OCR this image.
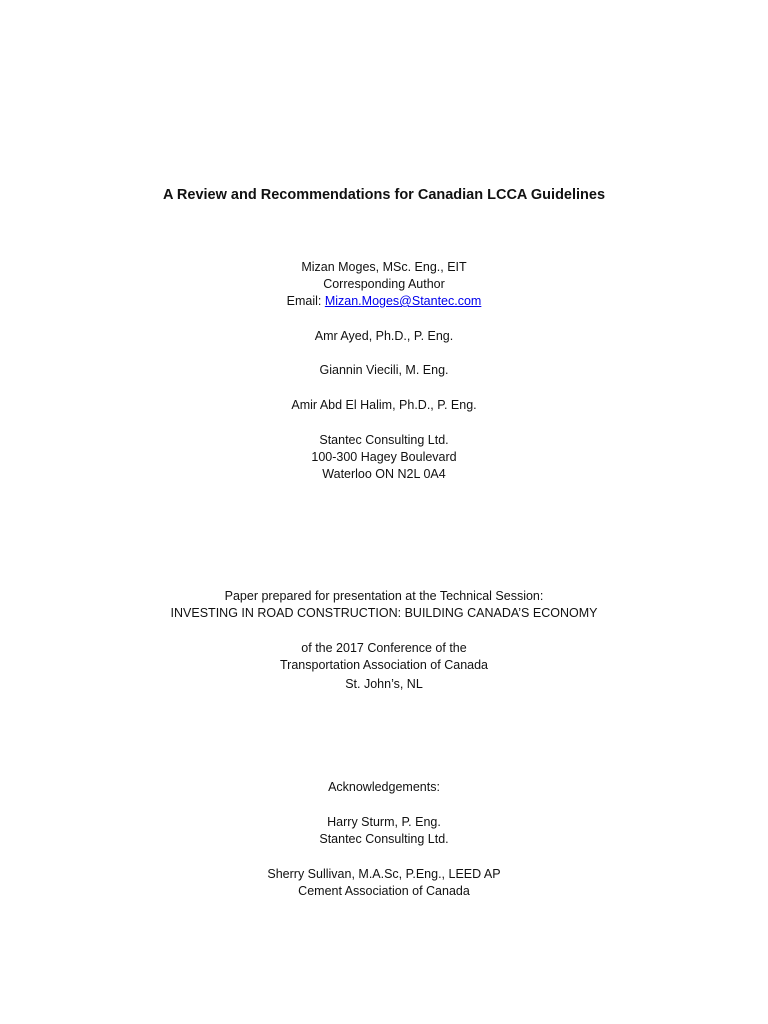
A Review and Recommendations for Canadian LCCA Guidelines
Mizan Moges, MSc. Eng., EIT
Corresponding Author
Email: Mizan.Moges@Stantec.com
Amr Ayed, Ph.D., P. Eng.
Giannin Viecili, M. Eng.
Amir Abd El Halim, Ph.D., P. Eng.
Stantec Consulting Ltd.
100-300 Hagey Boulevard
Waterloo ON N2L 0A4
Paper prepared for presentation at the Technical Session:
INVESTING IN ROAD CONSTRUCTION: BUILDING CANADA’S ECONOMY
of the 2017 Conference of the
Transportation Association of Canada
St. John’s, NL
Acknowledgements:
Harry Sturm, P. Eng.
Stantec Consulting Ltd.
Sherry Sullivan, M.A.Sc, P.Eng., LEED AP
Cement Association of Canada
